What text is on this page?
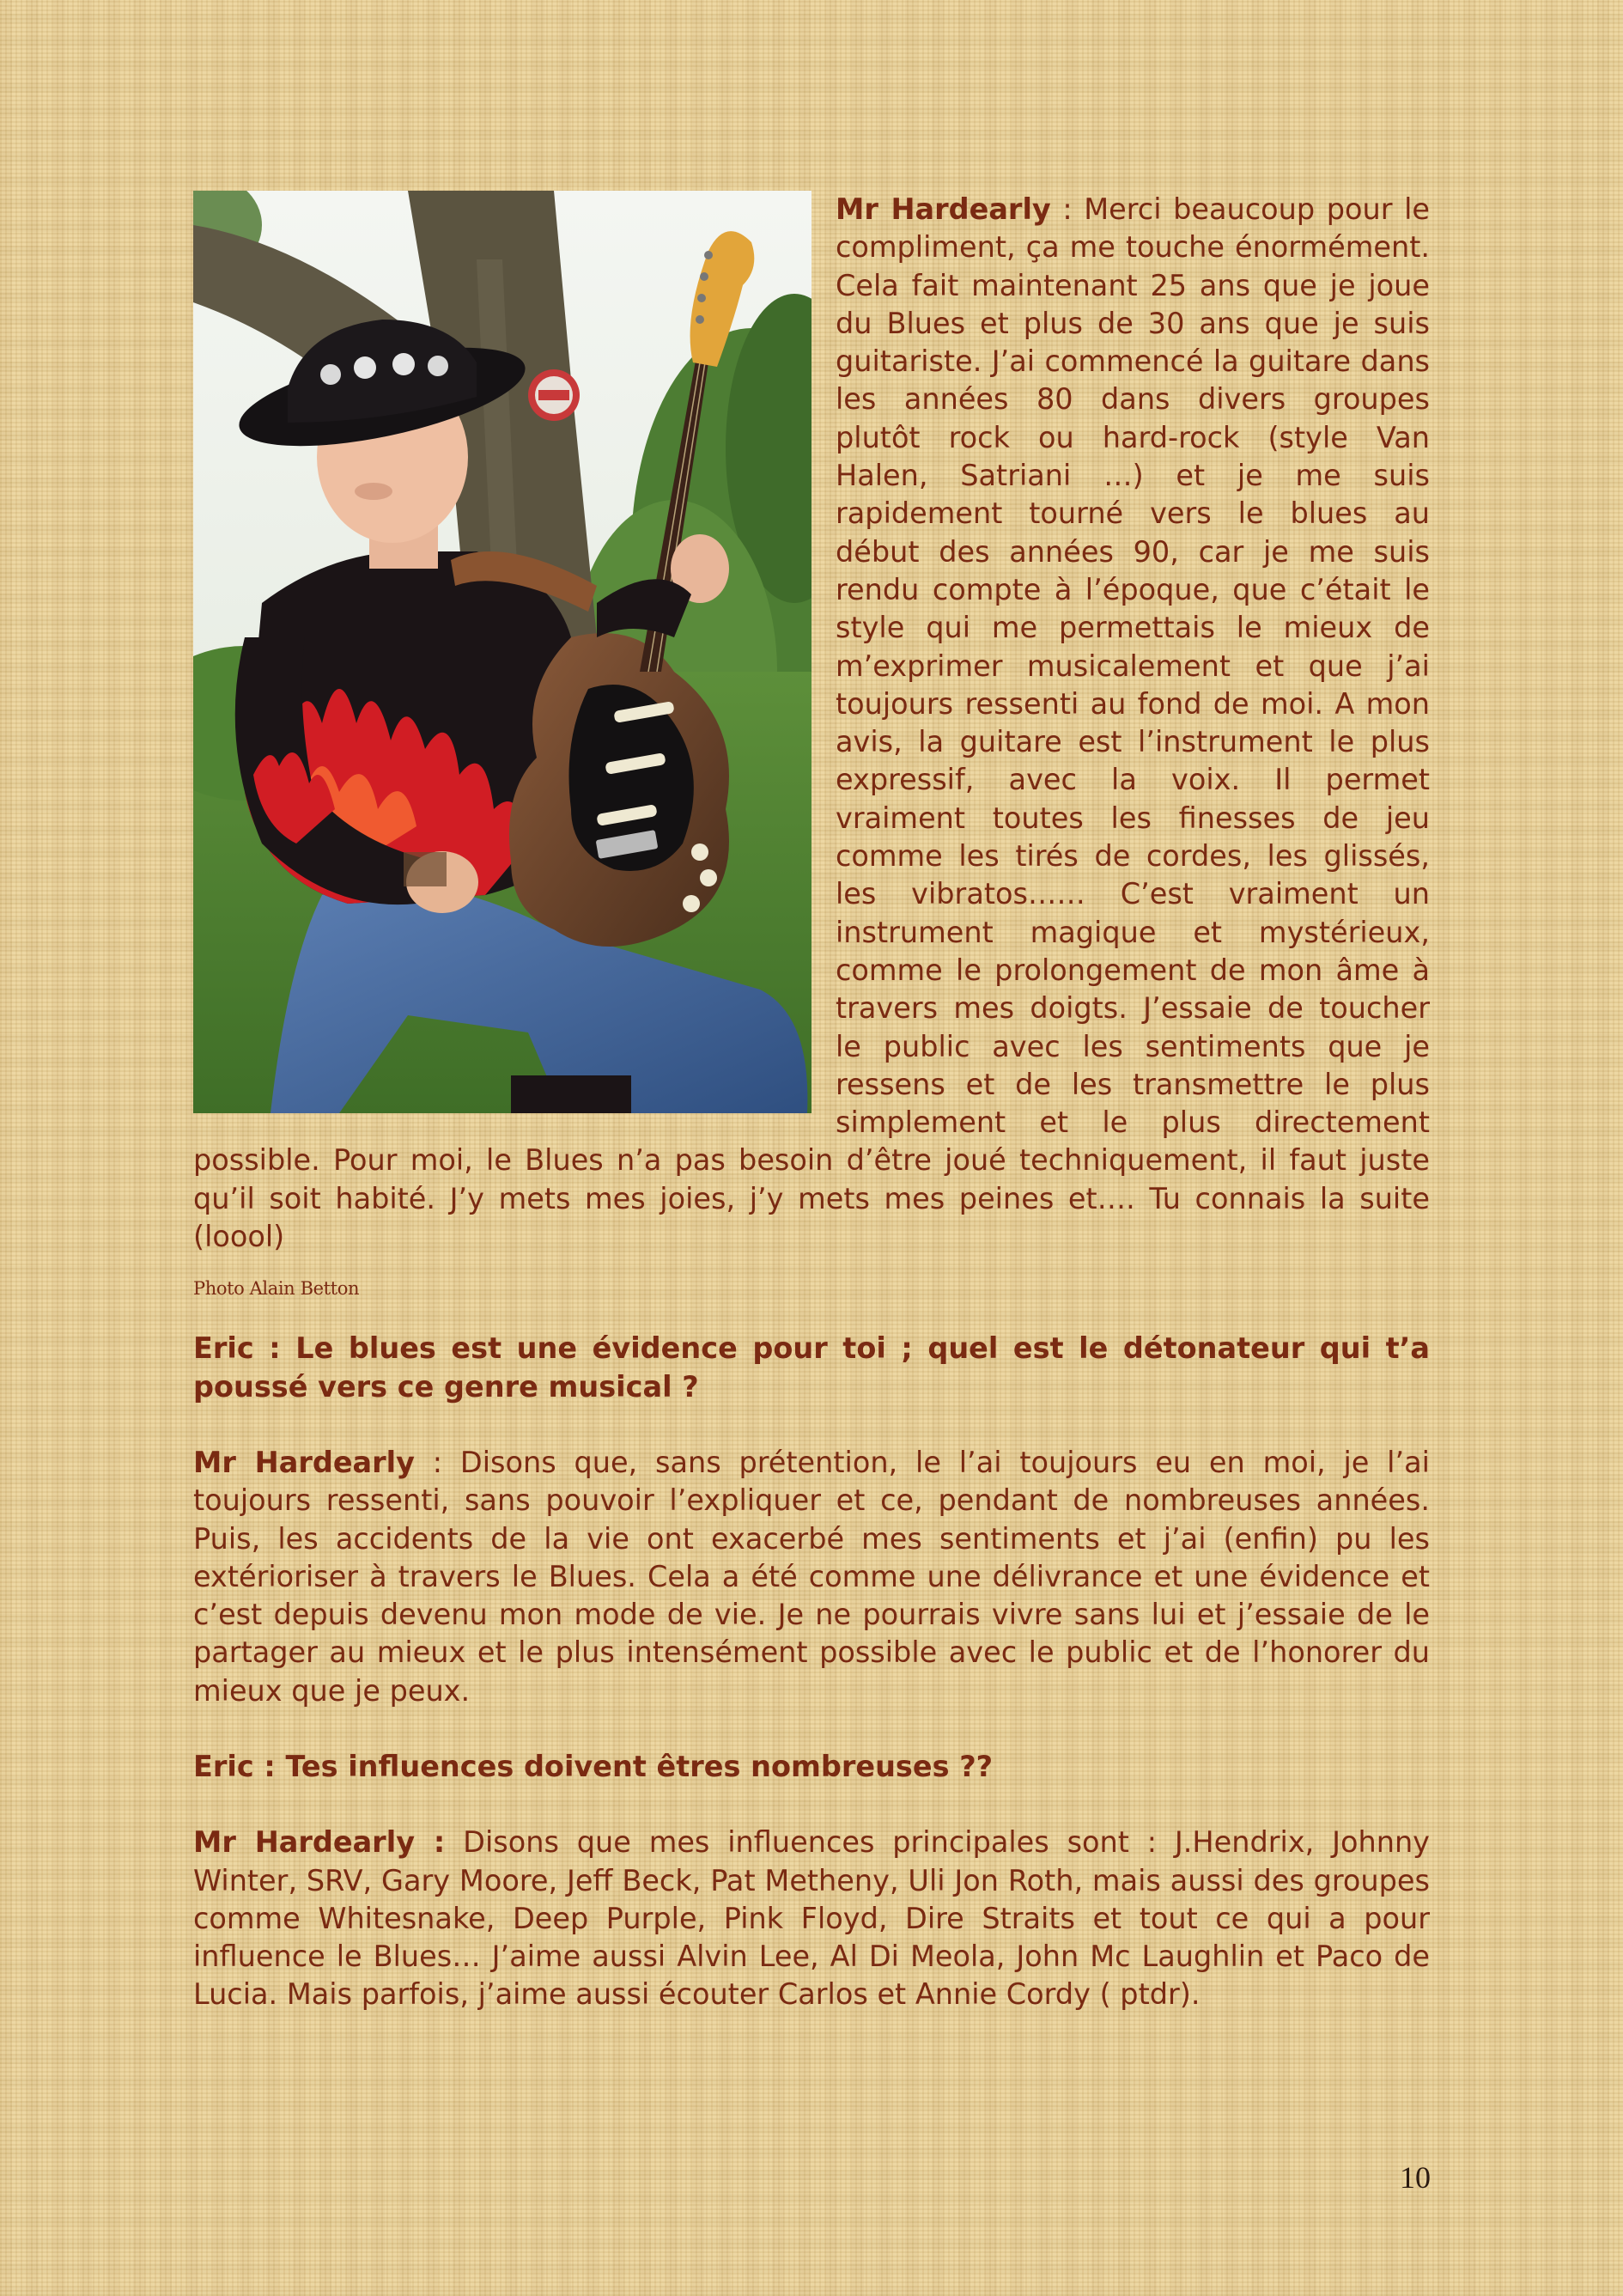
Mr Hardearly :
Merci beaucoup pour le compliment, ça me touche énormément. Cela fait maintenant 25 ans que je joue du Blues et plus de 30 ans que je suis guitariste. J’ai commencé la guitare dans les années 80 dans divers groupes plutôt rock ou hard-rock (style Van Halen, Satriani …) et je me suis rapidement tourné vers le blues au début des années 90, car je me suis rendu compte à l’époque, que c’était le style qui me permettais le mieux de m’exprimer musicalement et que j’ai toujours ressenti au fond de moi. A mon avis, la guitare est l’instrument le plus expressif, avec la voix. Il permet vraiment toutes les finesses de jeu comme les tirés de cordes, les glissés, les vibratos…… C’est vraiment un instrument magique et mystérieux, comme le prolongement de mon âme à travers mes doigts. J’essaie de toucher le public avec les sentiments que je ressens et de les transmettre le plus simplement et le plus directement possible. Pour moi, le Blues n’a pas besoin d’être joué techniquement, il faut juste qu’il soit habité. J’y mets mes joies, j’y mets mes peines et…. Tu connais la suite (loool)

Photo Alain Betton

Eric : Le blues est une évidence pour toi ; quel est le détonateur qui t’a poussé vers ce genre musical ?

Mr Hardearly : Disons que, sans prétention, le l’ai toujours eu en moi, je l’ai toujours ressenti, sans pouvoir l’expliquer et ce, pendant de nombreuses années. Puis, les accidents de la vie ont exacerbé mes sentiments et j’ai (enfin) pu les extérioriser à travers le Blues. Cela a été comme une délivrance et une évidence et c’est depuis devenu mon mode de vie. Je ne pourrais vivre sans lui et j’essaie de le partager au mieux et le plus intensément possible avec le public et de l’honorer du mieux que je peux.

Eric : Tes influences doivent êtres nombreuses ??

Mr Hardearly : Disons que mes influences principales sont : J.Hendrix, Johnny Winter, SRV, Gary Moore, Jeff Beck, Pat Metheny, Uli Jon Roth, mais aussi des groupes comme Whitesnake, Deep Purple, Pink Floyd, Dire Straits et tout ce qui a pour influence le Blues… J’aime aussi Alvin Lee, Al Di Meola, John Mc Laughlin et Paco de Lucia. Mais parfois, j’aime aussi écouter Carlos et Annie Cordy ( ptdr).

10
